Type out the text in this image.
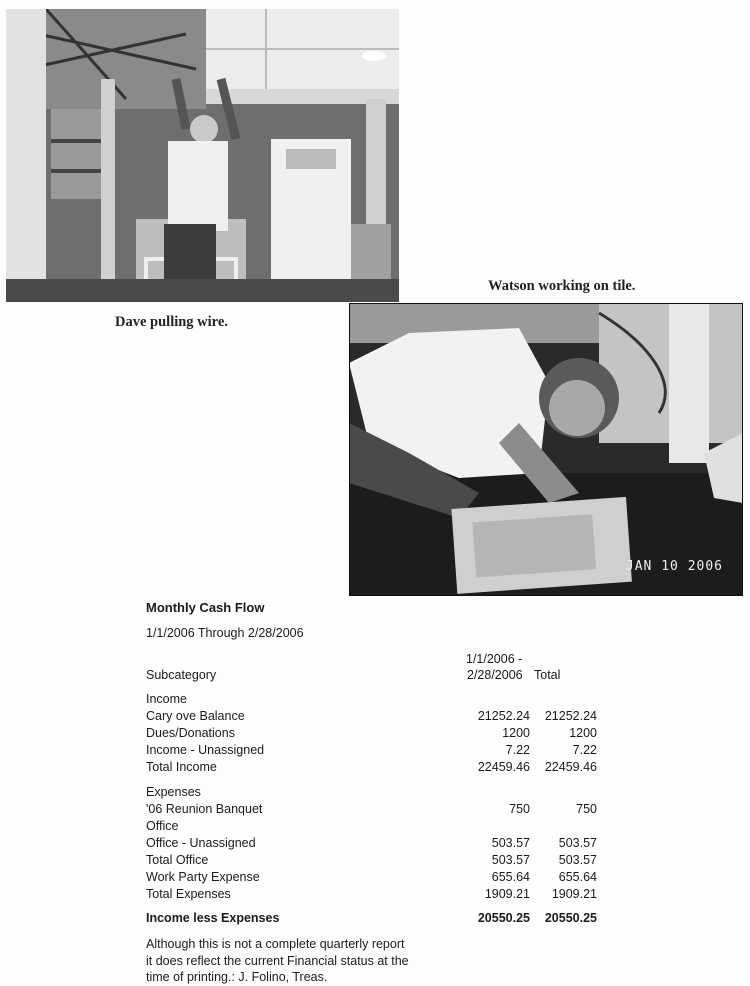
Watson working on tile.
Dave pulling wire.
JAN 10 2006
Monthly Cash Flow
1/1/2006 Through 2/28/2006
1/1/2006 -
Subcategory	2/28/2006 Total
Income
Cary ove Balance	21252.24 21252.24
Dues/Donations	1200	1200
Income - Unassigned	7.22	7.22
Total Income	22459.46 22459.46
Expenses
'06 Reunion Banquet	750	750
Office
Office - Unassigned	503.57 503.57
Total Office	503.57 503.57
Work Party Expense	655.64 655.64
Total Expenses	1909.21 1909.21
Income less Expenses	20550.25 20550.25
Although this is not a complete quarterly report
it does reflect the current Financial status at the
time of printing.: J. Folino, Treas.
